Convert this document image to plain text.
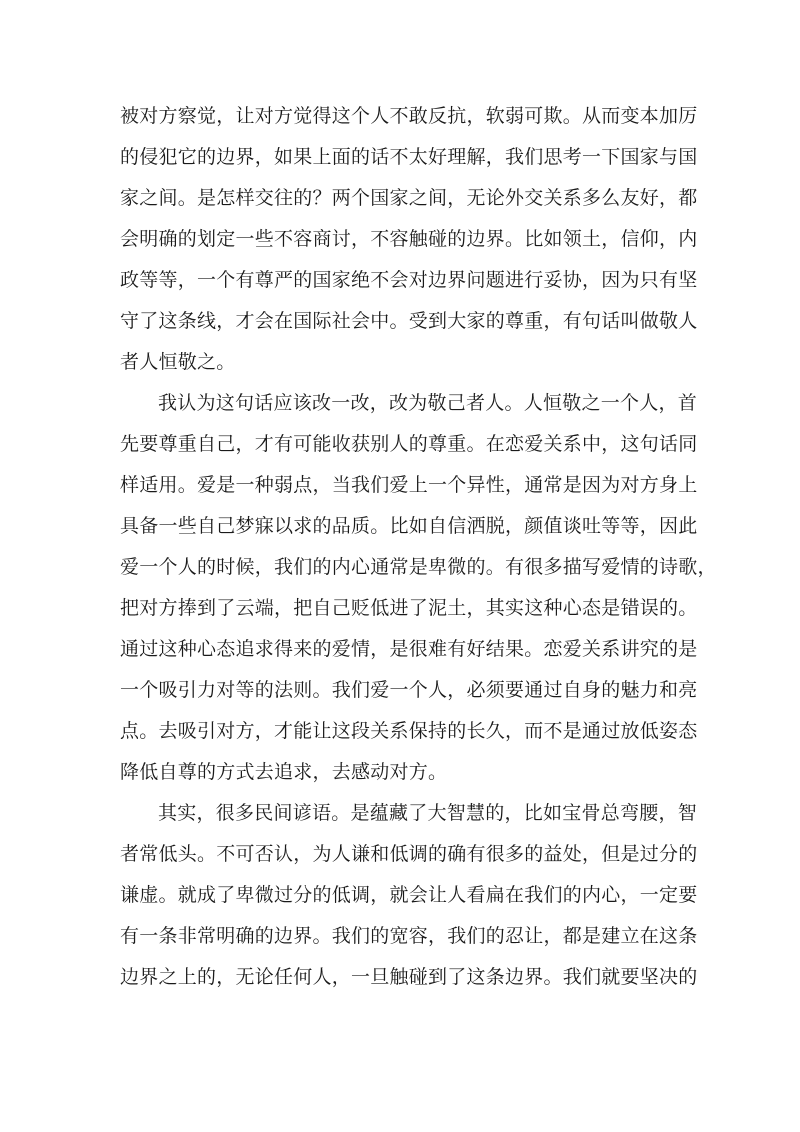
被对方察觉，让对方觉得这个人不敢反抗，软弱可欺。从而变本加厉
的侵犯它的边界，如果上面的话不太好理解，我们思考一下国家与国
家之间。是怎样交往的？两个国家之间，无论外交关系多么友好，都
会明确的划定一些不容商讨，不容触碰的边界。比如领土，信仰，内
政等等，一个有尊严的国家绝不会对边界问题进行妥协，因为只有坚
守了这条线，才会在国际社会中。受到大家的尊重，有句话叫做敬人
者人恒敬之。
我认为这句话应该改一改，改为敬己者人。人恒敬之一个人，首
先要尊重自己，才有可能收获别人的尊重。在恋爱关系中，这句话同
样适用。爱是一种弱点，当我们爱上一个异性，通常是因为对方身上
具备一些自己梦寐以求的品质。比如自信洒脱，颜值谈吐等等，因此
爱一个人的时候，我们的内心通常是卑微的。有很多描写爱情的诗歌，
把对方捧到了云端，把自己贬低进了泥土，其实这种心态是错误的。
通过这种心态追求得来的爱情，是很难有好结果。恋爱关系讲究的是
一个吸引力对等的法则。我们爱一个人，必须要通过自身的魅力和亮
点。去吸引对方，才能让这段关系保持的长久，而不是通过放低姿态
降低自尊的方式去追求，去感动对方。
其实，很多民间谚语。是蕴藏了大智慧的，比如宝骨总弯腰，智
者常低头。不可否认，为人谦和低调的确有很多的益处，但是过分的
谦虚。就成了卑微过分的低调，就会让人看扁在我们的内心，一定要
有一条非常明确的边界。我们的宽容，我们的忍让，都是建立在这条
边界之上的，无论任何人，一旦触碰到了这条边界。我们就要坚决的
